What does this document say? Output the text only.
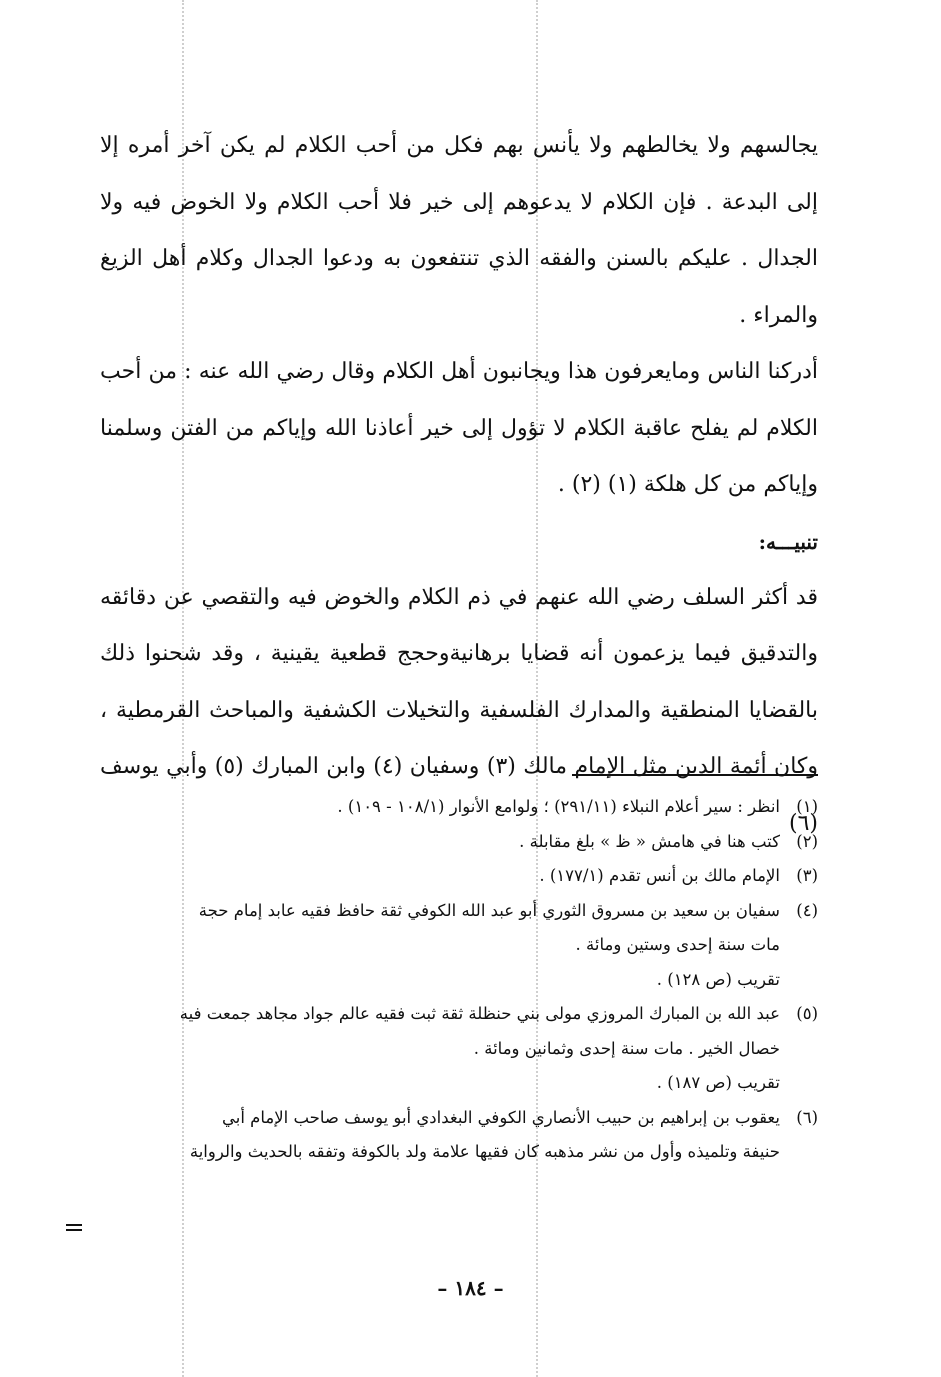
يجالسهم ولا يخالطهم ولا يأنس بهم فكل من أحب الكلام لم يكن آخر أمره إلا إلى البدعة . فإن الكلام لا يدعوهم إلى خير فلا أحب الكلام ولا الخوض فيه ولا الجدال . عليكم بالسنن والفقه الذي تنتفعون به ودعوا الجدال وكلام أهل الزيغ والمراء .

أدركنا الناس ومايعرفون هذا ويجانبون أهل الكلام وقال رضي الله عنه : من أحب الكلام لم يفلح عاقبة الكلام لا تؤول إلى خير أعاذنا الله وإياكم من الفتن وسلمنا وإياكم من كل هلكة (١) (٢) .

تنبيـــه:

قد أكثر السلف رضي الله عنهم في ذم الكلام والخوض فيه والتقصي عن دقائقه والتدقيق فيما يزعمون أنه قضايا برهانيةوحجج قطعية يقينية ، وقد شحنوا ذلك بالقضايا المنطقية والمدارك الفلسفية والتخيلات الكشفية والمباحث القرمطية ، وكان أئمة الدين مثل الإمام مالك (٣) وسفيان (٤) وابن المبارك (٥) وأبي يوسف (٦)

(١)
انظر : سير أعلام النبلاء (٢٩١/١١) ؛ ولوامع الأنوار (١٠٨/١ - ١٠٩) .
(٢)
كتب هنا في هامش « ظ » بلغ مقابلة .
(٣)
الإمام مالك بن أنس تقدم (١٧٧/١) .
(٤)
سفيان بن سعيد بن مسروق الثوري أبو عبد الله الكوفي ثقة حافظ فقيه عابد إمام حجة
مات سنة إحدى وستين ومائة .
تقريب (ص ١٢٨) .
(٥)
عبد الله بن المبارك المروزي مولى بني حنظلة ثقة ثبت فقيه عالم جواد مجاهد جمعت فيه
خصال الخير . مات سنة إحدى وثمانين ومائة .
تقريب (ص ١٨٧) .
(٦)
يعقوب بن إبراهيم بن حبيب الأنصاري الكوفي البغدادي أبو يوسف صاحب الإمام أبي
حنيفة وتلميذه وأول من نشر مذهبه كان فقيها علامة ولد بالكوفة وتفقه بالحديث والرواية
– ١٨٤ –
